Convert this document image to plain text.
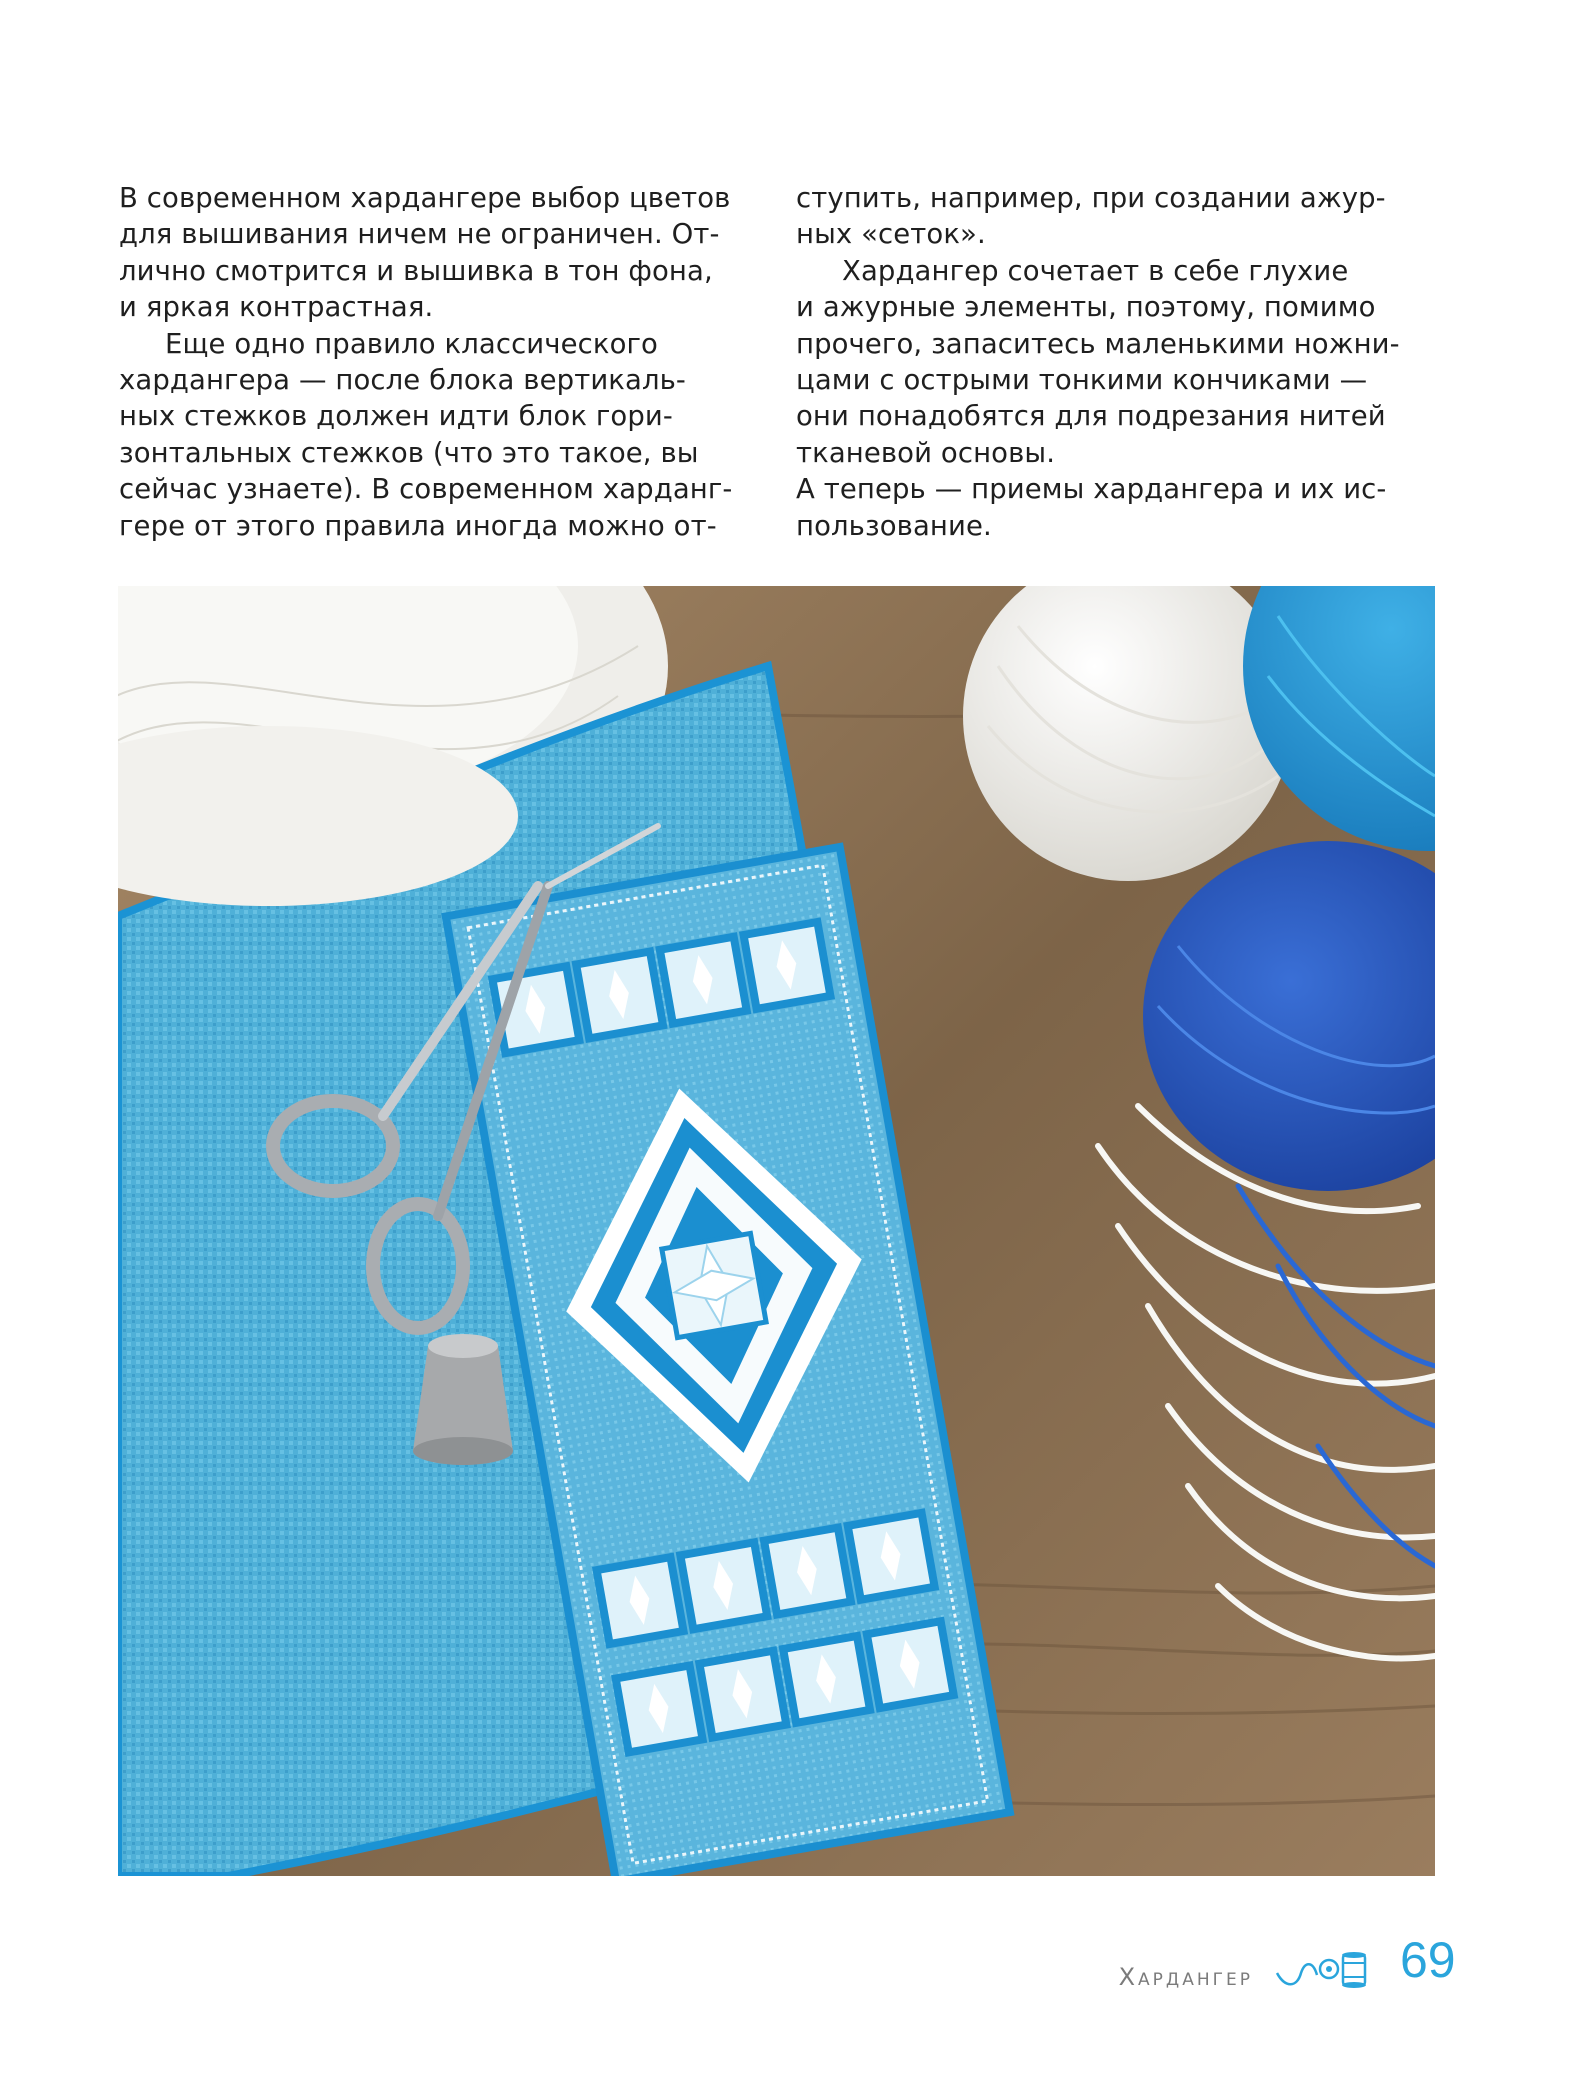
В современном хардангере выбор цветов
для вышивания ничем не ограничен. От-
лично смотрится и вышивка в тон фона,
и яркая контрастная.

Еще одно правило классического
хардангера — после блока вертикаль-
ных стежков должен идти блок гори-
зонтальных стежков (что это такое, вы
сейчас узнаете). В современном харданг-
гере от этого правила иногда можно от-

ступить, например, при создании ажур-
ных «сеток».

Хардангер сочетает в себе глухие
и ажурные элементы, поэтому, помимо
прочего, запаситесь маленькими ножни-
цами с острыми тонкими кончиками —
они понадобятся для подрезания нитей
тканевой основы.

А теперь — приемы хардангера и их ис-
пользование.

Хардангер	69
